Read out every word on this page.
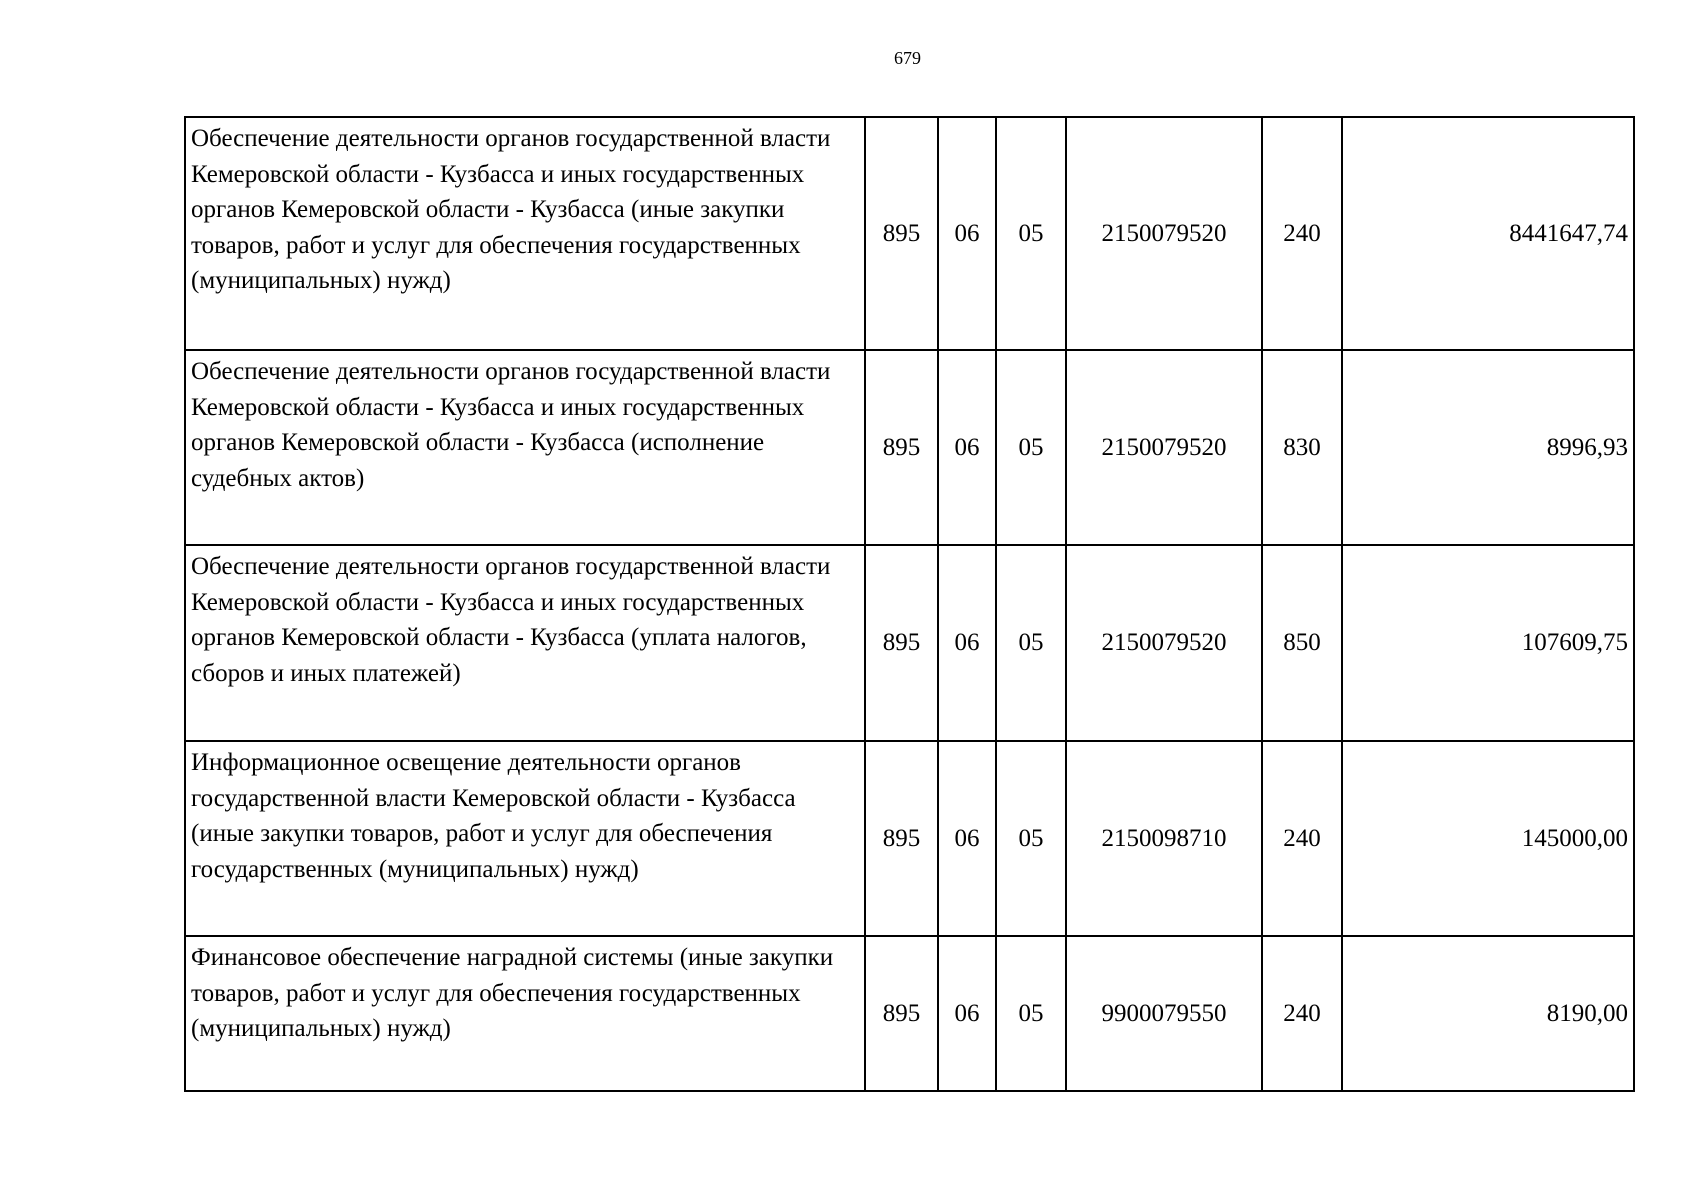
679
Обеспечение деятельности органов государственной власти Кемеровской области - Кузбасса и иных государственных органов Кемеровской области - Кузбасса (иные закупки товаров, работ и услуг для обеспечения государственных (муниципальных) нужд)	895	06	05	2150079520	240	8441647,74
Обеспечение деятельности органов государственной власти Кемеровской области - Кузбасса и иных государственных органов Кемеровской области - Кузбасса (исполнение судебных актов)	895	06	05	2150079520	830	8996,93
Обеспечение деятельности органов государственной власти Кемеровской области - Кузбасса и иных государственных органов Кемеровской области - Кузбасса (уплата налогов, сборов и иных платежей)	895	06	05	2150079520	850	107609,75
Информационное освещение деятельности органов государственной власти Кемеровской области - Кузбасса (иные закупки товаров, работ и услуг для обеспечения государственных (муниципальных) нужд)	895	06	05	2150098710	240	145000,00
Финансовое обеспечение наградной системы (иные закупки товаров, работ и услуг для обеспечения государственных (муниципальных) нужд)	895	06	05	9900079550	240	8190,00
